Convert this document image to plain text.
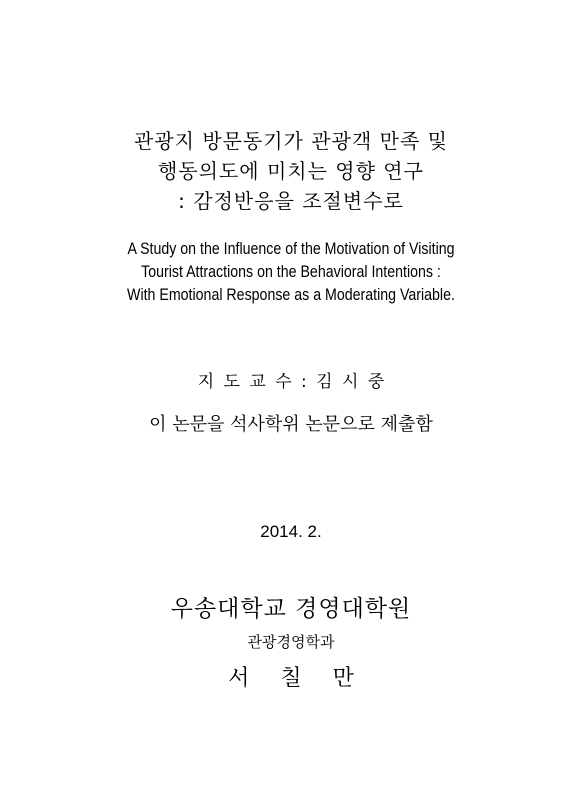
관광지 방문동기가 관광객 만족 및
행동의도에 미치는 영향 연구
: 감정반응을 조절변수로
A Study on the Influence of the Motivation of Visiting
Tourist Attractions on the Behavioral Intentions :
With Emotional Response as a Moderating Variable.
지 도 교 수 : 김 시 중
이 논문을 석사학위 논문으로 제출함
2014. 2.
우송대학교 경영대학원
관광경영학과
서 칠 만
